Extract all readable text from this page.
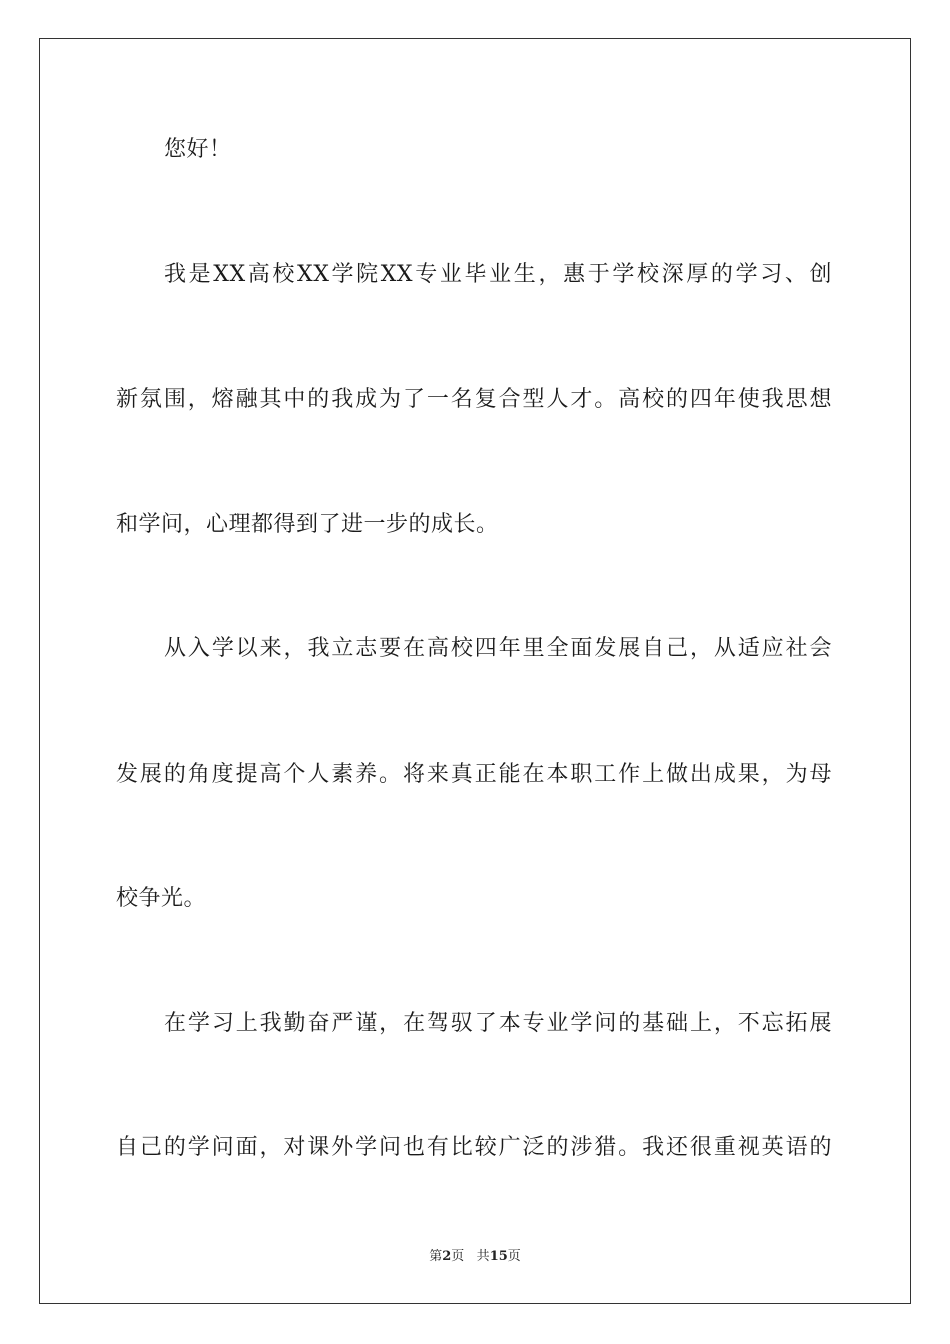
您好！
我是XX高校XX学院XX专业毕业生，惠于学校深厚的学习、创
新氛围，熔融其中的我成为了一名复合型人才。高校的四年使我思想
和学问，心理都得到了进一步的成长。
从入学以来，我立志要在高校四年里全面发展自己，从适应社会
发展的角度提高个人素养。将来真正能在本职工作上做出成果，为母
校争光。
在学习上我勤奋严谨，在驾驭了本专业学问的基础上，不忘拓展
自己的学问面，对课外学问也有比较广泛的涉猎。我还很重视英语的
第2页 共15页
